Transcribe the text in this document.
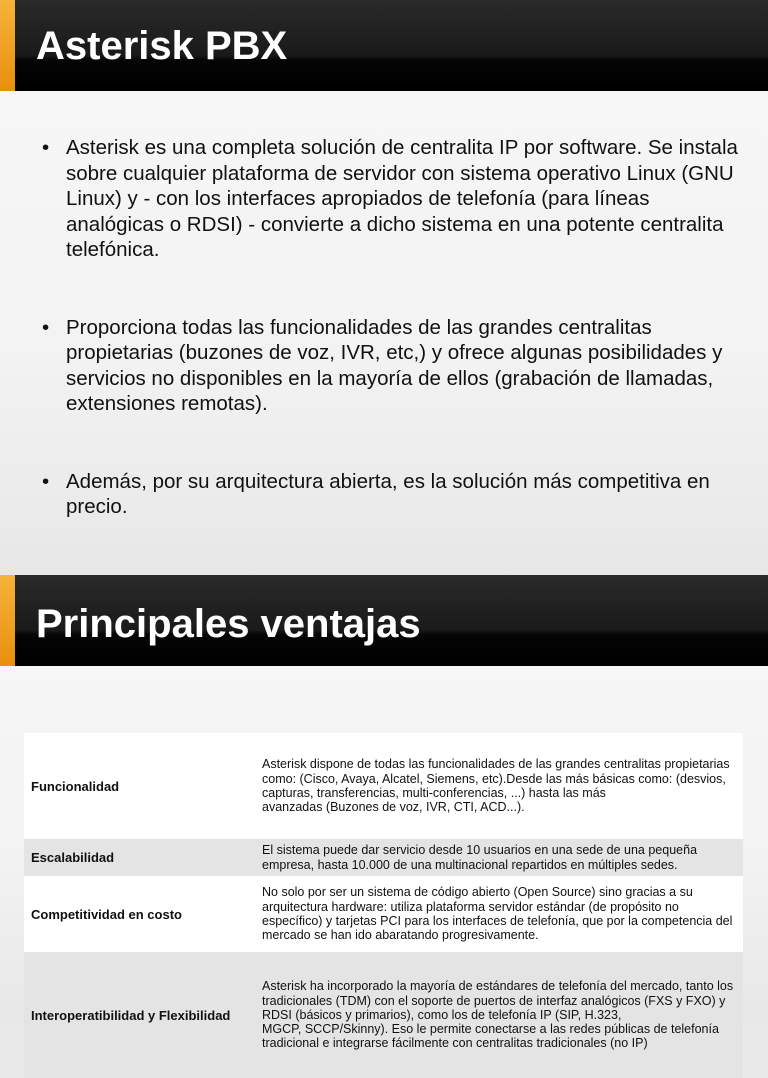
Asterisk PBX
• Asterisk es una completa solución de centralita IP por software. Se instala sobre cualquier plataforma de servidor con sistema operativo Linux (GNU Linux) y - con los interfaces apropiados de telefonía (para líneas analógicas o RDSI) - convierte a dicho sistema en una potente centralita telefónica.
• Proporciona todas las funcionalidades de las grandes centralitas propietarias (buzones de voz, IVR, etc,) y ofrece algunas posibilidades y servicios no disponibles en la mayoría de ellos (grabación de llamadas, extensiones remotas).
• Además, por su arquitectura abierta, es la solución más competitiva en precio.
Principales ventajas
Funcionalidad	Asterisk dispone de todas las funcionalidades de las grandes centralitas propietarias como: (Cisco, Avaya, Alcatel, Siemens, etc).Desde las más básicas como: (desvios, capturas, transferencias, multi-conferencias, ...) hasta las más
avanzadas (Buzones de voz, IVR, CTI, ACD...).
Escalabilidad	El sistema puede dar servicio desde 10 usuarios en una sede de una pequeña empresa, hasta 10.000 de una multinacional repartidos en múltiples sedes.
Competitividad en costo	No solo por ser un sistema de código abierto (Open Source) sino gracias a su arquitectura hardware: utiliza plataforma servidor estándar (de propósito no específico) y tarjetas PCI para los interfaces de telefonía, que por la competencia del mercado se han ido abaratando progresivamente.
Interoperatibilidad y Flexibilidad	Asterisk ha incorporado la mayoría de estándares de telefonía del mercado, tanto los tradicionales (TDM) con el soporte de puertos de interfaz analógicos (FXS y FXO) y RDSI (básicos y primarios), como los de telefonía IP (SIP, H.323,
MGCP, SCCP/Skinny). Eso le permite conectarse a las redes públicas de telefonía tradicional e integrarse fácilmente con centralitas tradicionales (no IP)
